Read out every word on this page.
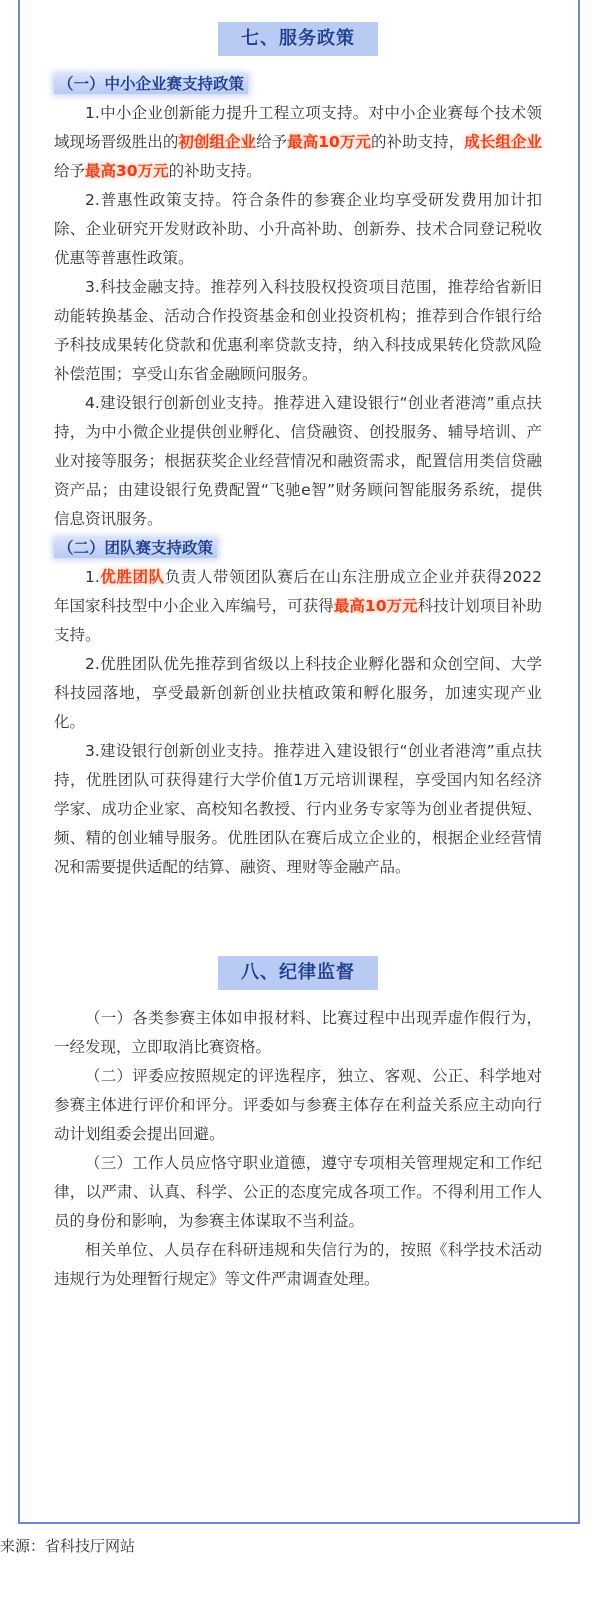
七、服务政策
（一）中小企业赛支持政策

1.中小企业创新能力提升工程立项支持。对中小企业赛每个技术领域现场晋级胜出的初创组企业给予最高10万元的补助支持，成长组企业给予最高30万元的补助支持。

2.普惠性政策支持。符合条件的参赛企业均享受研发费用加计扣除、企业研究开发财政补助、小升高补助、创新券、技术合同登记税收优惠等普惠性政策。

3.科技金融支持。推荐列入科技股权投资项目范围，推荐给省新旧动能转换基金、活动合作投资基金和创业投资机构；推荐到合作银行给予科技成果转化贷款和优惠利率贷款支持，纳入科技成果转化贷款风险补偿范围；享受山东省金融顾问服务。

4.建设银行创新创业支持。推荐进入建设银行“创业者港湾”重点扶持，为中小微企业提供创业孵化、信贷融资、创投服务、辅导培训、产业对接等服务；根据获奖企业经营情况和融资需求，配置信用类信贷融资产品；由建设银行免费配置“飞驰e智”财务顾问智能服务系统，提供信息资讯服务。

（二）团队赛支持政策

1.优胜团队负责人带领团队赛后在山东注册成立企业并获得2022年国家科技型中小企业入库编号，可获得最高10万元科技计划项目补助支持。

2.优胜团队优先推荐到省级以上科技企业孵化器和众创空间、大学科技园落地，享受最新创新创业扶植政策和孵化服务，加速实现产业化。

3.建设银行创新创业支持。推荐进入建设银行“创业者港湾”重点扶持，优胜团队可获得建行大学价值1万元培训课程，享受国内知名经济学家、成功企业家、高校知名教授、行内业务专家等为创业者提供短、频、精的创业辅导服务。优胜团队在赛后成立企业的，根据企业经营情况和需要提供适配的结算、融资、理财等金融产品。

八、纪律监督

（一）各类参赛主体如申报材料、比赛过程中出现弄虚作假行为，一经发现，立即取消比赛资格。

（二）评委应按照规定的评选程序，独立、客观、公正、科学地对参赛主体进行评价和评分。评委如与参赛主体存在利益关系应主动向行动计划组委会提出回避。

（三）工作人员应恪守职业道德，遵守专项相关管理规定和工作纪律，以严肃、认真、科学、公正的态度完成各项工作。不得利用工作人员的身份和影响，为参赛主体谋取不当利益。

相关单位、人员存在科研违规和失信行为的，按照《科学技术活动违规行为处理暂行规定》等文件严肃调查处理。

来源：省科技厅网站
